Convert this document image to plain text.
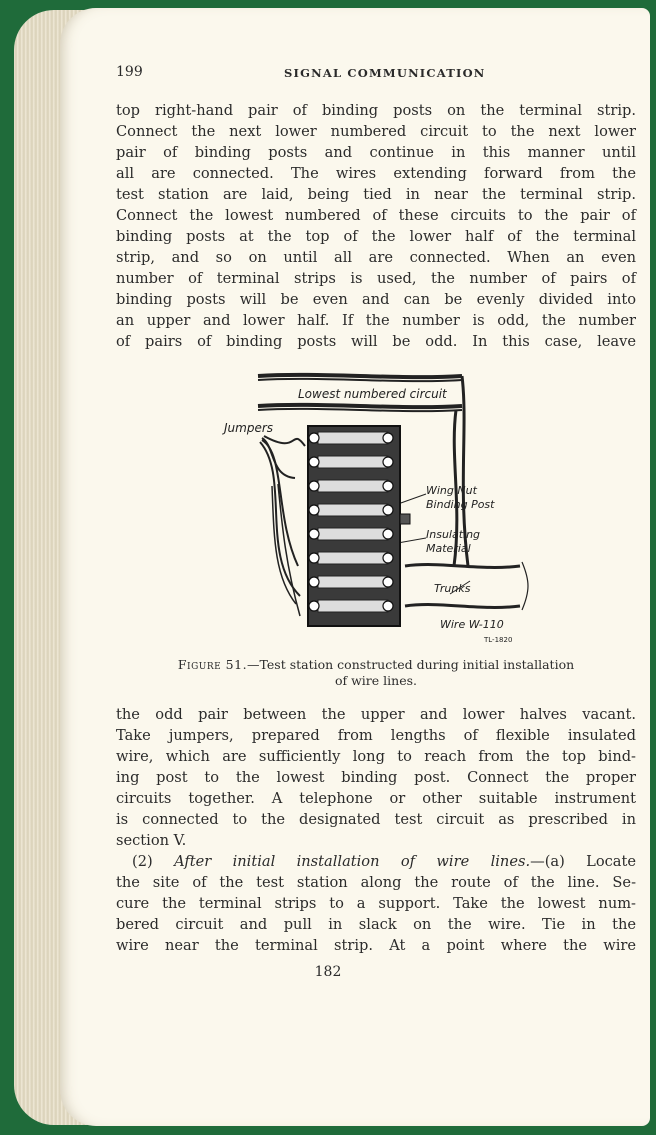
199	SIGNAL COMMUNICATION

top right-hand pair of binding posts on the terminal strip.
Connect the next lower numbered circuit to the next lower
pair of binding posts and continue in this manner until
all are connected. The wires extending forward from the
test station are laid, being tied in near the terminal strip.
Connect the lowest numbered of these circuits to the pair of
binding posts at the top of the lower half of the terminal
strip, and so on until all are connected. When an even
number of terminal strips is used, the number of pairs of
binding posts will be even and can be evenly divided into
an upper and lower half. If the number is odd, the number
of pairs of binding posts will be odd. In this case, leave

Lowest numbered circuit
Jumpers
Wing Nut
Binding Post
Insulating
Material
Trunks
Wire W-110
TL-1820
Figure 51.—Test station constructed during initial installation
of wire lines.

the odd pair between the upper and lower halves vacant.
Take jumpers, prepared from lengths of flexible insulated
wire, which are sufficiently long to reach from the top bind-
ing post to the lowest binding post. Connect the proper
circuits together. A telephone or other suitable instrument
is connected to the designated test circuit as prescribed in
section V.

(2) After initial installation of wire lines.—(a) Locate
the site of the test station along the route of the line. Se-
cure the terminal strips to a support. Take the lowest num-
bered circuit and pull in slack on the wire. Tie in the
wire near the terminal strip. At a point where the wire

182
